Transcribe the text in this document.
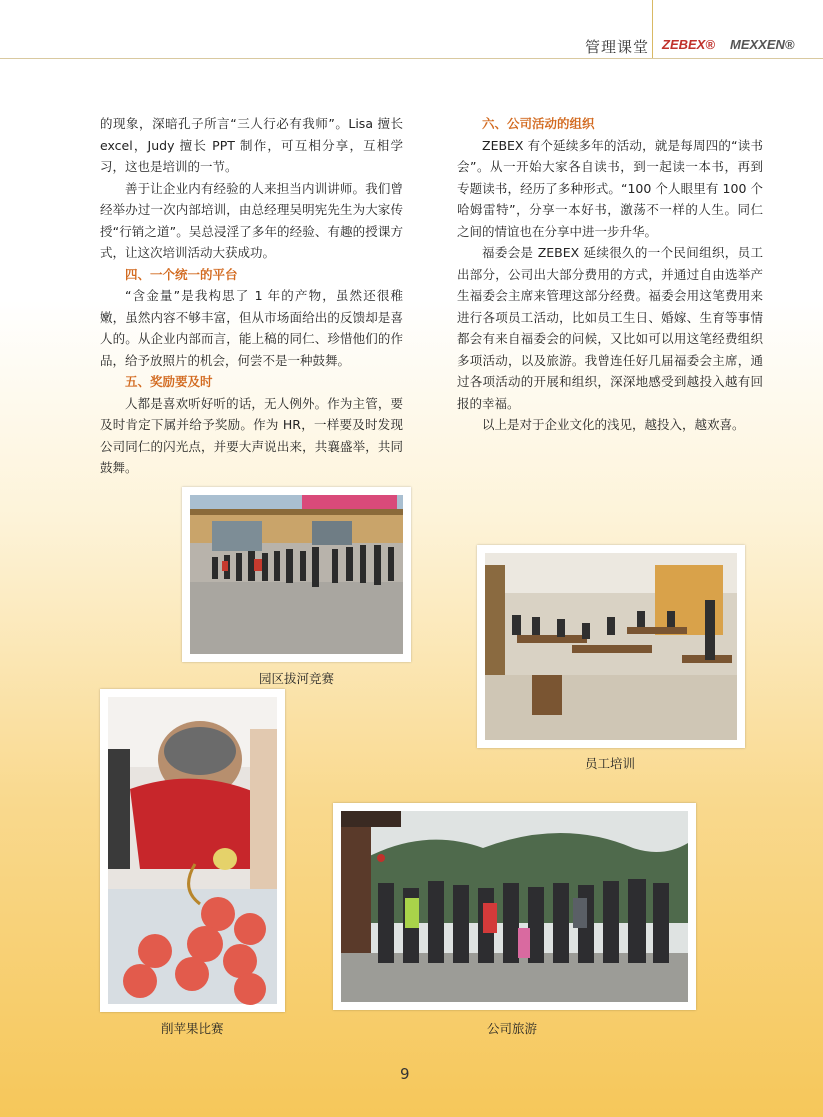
管理课堂 ZEBEX® MEXXEN®

的现象，深暗孔子所言“三人行必有我师”。Lisa 擅长 excel，Judy 擅长 PPT 制作，可互相分享，互相学习，这也是培训的一节。

善于让企业内有经验的人来担当内训讲师。我们曾经举办过一次内部培训，由总经理吴明宪先生为大家传授“行销之道”。吴总浸淫了多年的经验、有趣的授课方式，让这次培训活动大获成功。

四、一个统一的平台

“含金量”是我构思了 1 年的产物，虽然还很稚嫩，虽然内容不够丰富，但从市场面给出的反馈却是喜人的。从企业内部而言，能上稿的同仁、珍惜他们的作品，给予放照片的机会，何尝不是一种鼓舞。

五、奖励要及时

人都是喜欢听好听的话，无人例外。作为主管，要及时肯定下属并给予奖励。作为 HR，一样要及时发现公司同仁的闪光点，并要大声说出来，共襄盛举，共同鼓舞。

六、公司活动的组织

ZEBEX 有个延续多年的活动，就是每周四的“读书会”。从一开始大家各自读书，到一起读一本书，再到专题读书，经历了多种形式。“100 个人眼里有 100 个哈姆雷特”，分享一本好书，激荡不一样的人生。同仁之间的情谊也在分享中进一步升华。

福委会是 ZEBEX 延续很久的一个民间组织，员工出部分，公司出大部分费用的方式，并通过自由选举产生福委会主席来管理这部分经费。福委会用这笔费用来进行各项员工活动，比如员工生日、婚嫁、生育等事情都会有来自福委会的问候，又比如可以用这笔经费组织多项活动，以及旅游。我曾连任好几届福委会主席，通过各项活动的开展和组织，深深地感受到越投入越有回报的幸福。

以上是对于企业文化的浅见，越投入，越欢喜。

园区拔河竞赛
员工培训
削苹果比赛	公司旅游
9
